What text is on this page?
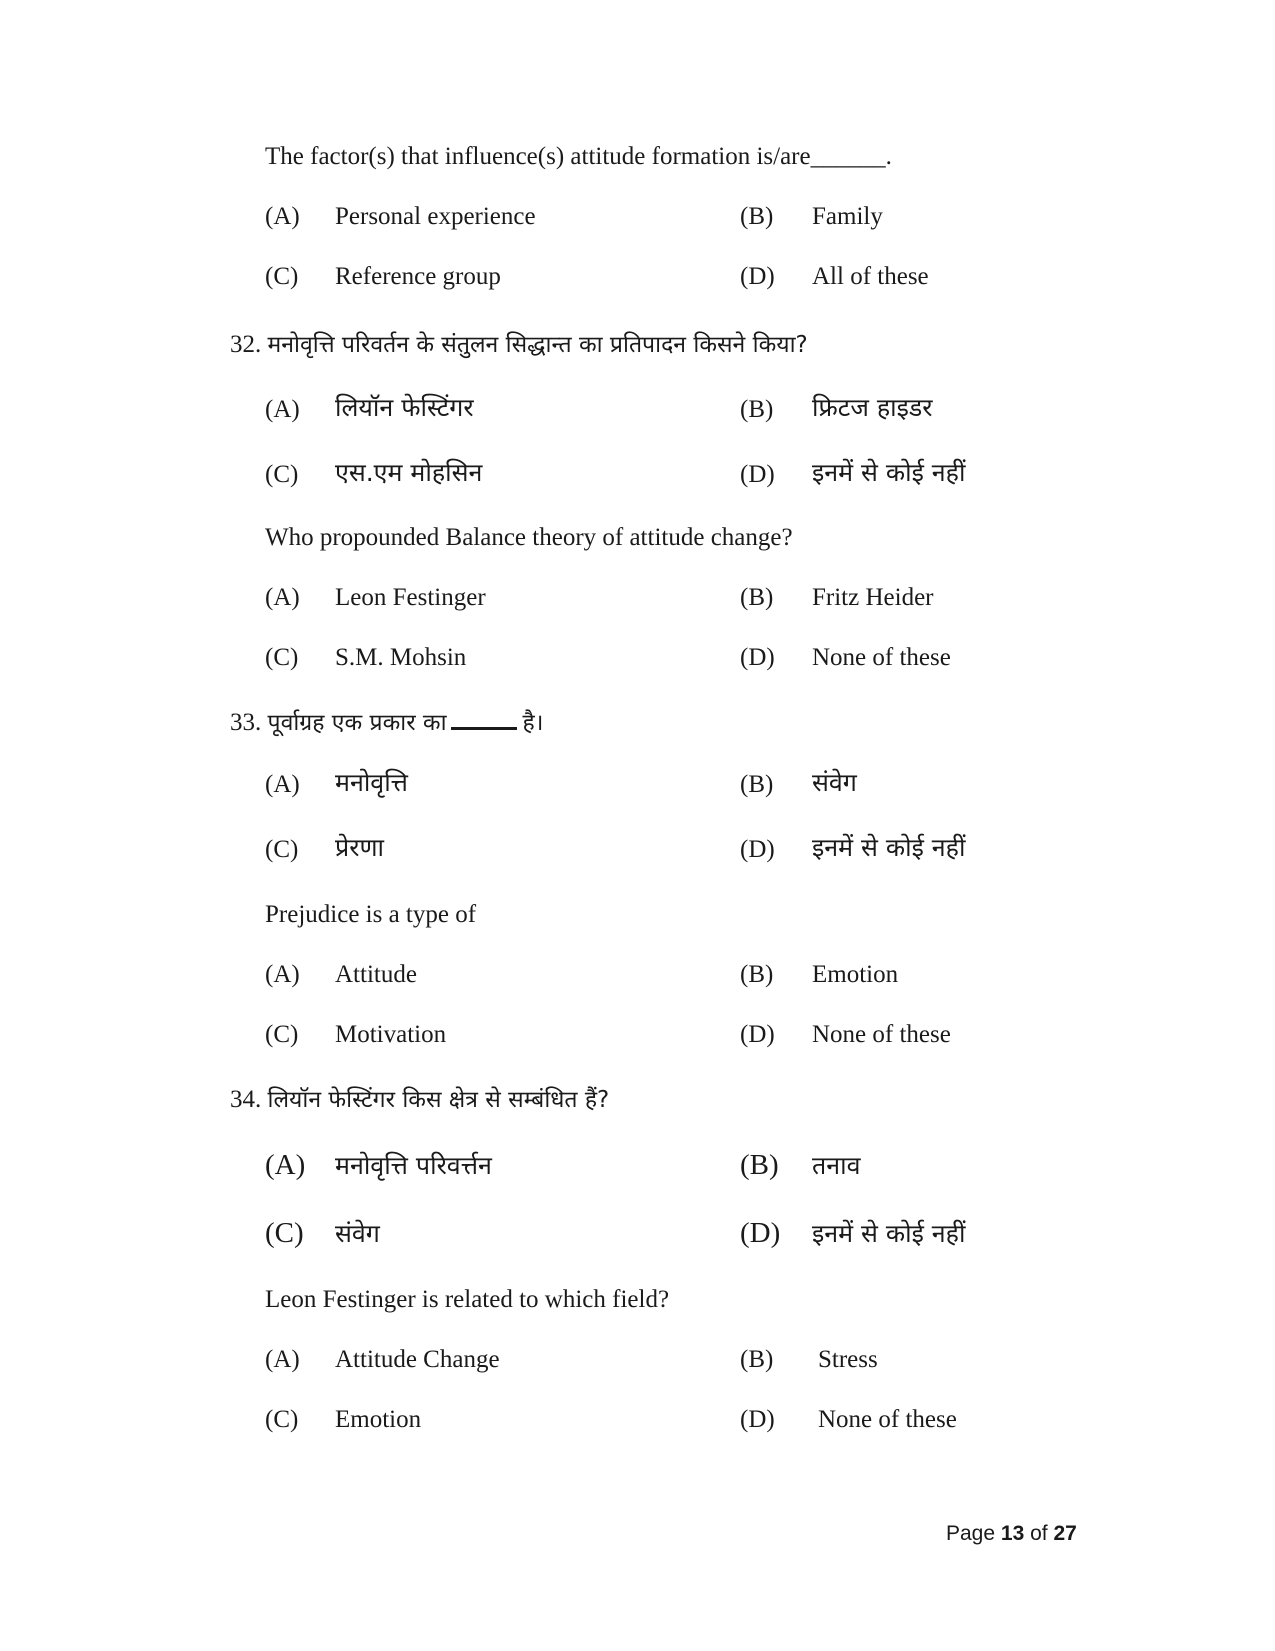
The factor(s) that influence(s) attitude formation is/are______.
(A) Personal experience	(B) Family
(C) Reference group	(D) All of these
32. मनोवृत्ति परिवर्तन के संतुलन सिद्धान्त का प्रतिपादन किसने किया?
(A) लियॉन फेस्टिंगर	(B) फ्रिटज हाइडर
(C) एस.एम मोहसिन	(D) इनमें से कोई नहीं
Who propounded Balance theory of attitude change?
(A) Leon Festinger	(B) Fritz Heider
(C) S.M. Mohsin	(D) None of these
33. पूर्वाग्रह एक प्रकार का	है।
(A) मनोवृत्ति	(B) संवेग
(C) प्रेरणा	(D) इनमें से कोई नहीं
Prejudice is a type of
(A) Attitude	(B) Emotion
(C) Motivation	(D) None of these
34. लियॉन फेस्टिंगर किस क्षेत्र से सम्बंधित हैं?
(A) मनोवृत्ति परिवर्त्तन	(B) तनाव
(C) संवेग	(D) इनमें से कोई नहीं
Leon Festinger is related to which field?
(A) Attitude Change	(B) Stress
(C) Emotion	(D) None of these
Page 13 of 27
